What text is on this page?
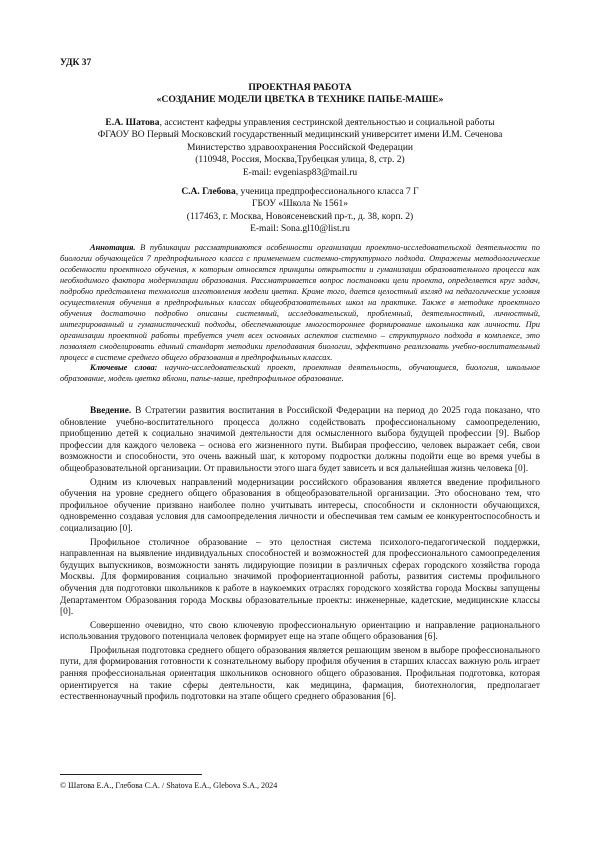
УДК 37
ПРОЕКТНАЯ РАБОТА
«СОЗДАНИЕ МОДЕЛИ ЦВЕТКА В ТЕХНИКЕ ПАПЬЕ-МАШЕ»
Е.А. Шатова, ассистент кафедры управления сестринской деятельностью и социальной работы
ФГАОУ ВО Первый Московский государственный медицинский университет имени И.М. Сеченова
Министерство здравоохранения Российской Федерации
(110948, Россия, Москва,Трубецкая улица, 8, стр. 2)
E-mail: evgeniasp83@mail.ru
С.А. Глебова, ученица предпрофессионального класса 7 Г
ГБОУ «Школа № 1561»
(117463, г. Москва, Новоясеневский пр-т., д. 38, корп. 2)
E-mail: Sona.gl10@list.ru
Аннотация. В публикации рассматриваются особенности организации проектно-исследовательской деятельности по биологии обучающейся 7 предпрофильного класса с применением системно-структурного подхода. Отражены методологические особенности проектного обучения, к которым относятся принципы открытости и гуманизации образовательного процесса как необходимого фактора модернизации образования. Рассматривается вопрос постановки цели проекта, определяется круг задач, подробно представлена технология изготовления модели цветка. Кроме того, дается целостный взгляд на педагогические условия осуществления обучения в предпрофильных классах общеобразовательных школ на практике. Также в методике проектного обучения достаточно подробно описаны системный, исследовательский, проблемный, деятельностный, личностный, интегрированный и гуманистический подходы, обеспечивающие многостороннее формирование школьника как личности. При организации проектной работы требуется учет всех основных аспектов системно – структурного подхода в комплексе, это позволяет смоделировать единый стандарт методики преподавания биологии, эффективно реализовать учебно-воспитательный процесс в системе среднего общего образования в предпрофильных классах.
Ключевые слова: научно-исследовательский проект, проектная деятельность, обучающиеся, биология, школьное образование, модель цветка яблони, папье-маше, предпрофильное образование.

Введение. В Стратегии развития воспитания в Российской Федерации на период до 2025 года показано, что обновление учебно-воспитательного процесса должно содействовать профессиональному самоопределению, приобщению детей к социально значимой деятельности для осмысленного выбора будущей профессии [9]. Выбор профессии для каждого человека – основа его жизненного пути. Выбирая профессию, человек выражает себя, свои возможности и способности, это очень важный шаг, к которому подростки должны подойти еще во время учебы в общеобразовательной организации. От правильности этого шага будет зависеть и вся дальнейшая жизнь человека [0].

Одним из ключевых направлений модернизации российского образования является введение профильного обучения на уровне среднего общего образования в общеобразовательной организации. Это обосновано тем, что профильное обучение призвано наиболее полно учитывать интересы, способности и склонности обучающихся, одновременно создавая условия для самоопределения личности и обеспечивая тем самым ее конкурентоспособность и социализацию [0].

Профильное столичное образование – это целостная система психолого-педагогической поддержки, направленная на выявление индивидуальных способностей и возможностей для профессионального самоопределения будущих выпускников, возможности занять лидирующие позиции в различных сферах городского хозяйства города Москвы. Для формирования социально значимой профориентационной работы, развития системы профильного обучения для подготовки школьников к работе в наукоемких отраслях городского хозяйства города Москвы запущены Департаментом Образования города Москвы образовательные проекты: инженерные, кадетские, медицинские классы [0].

Совершенно очевидно, что свою ключевую профессиональную ориентацию и направление рационального использования трудового потенциала человек формирует еще на этапе общего образования [6].

Профильная подготовка среднего общего образования является решающим звеном в выборе профессионального пути, для формирования готовности к сознательному выбору профиля обучения в старших классах важную роль играет ранняя профессиональная ориентация школьников основного общего образования. Профильная подготовка, которая ориентируется на такие сферы деятельности, как медицина, фармация, биотехнология, предполагает естественнонаучный профиль подготовки на этапе общего среднего образования [6].

© Шатова Е.А., Глебова С.А. / Shatova E.A., Glebova S.A., 2024
